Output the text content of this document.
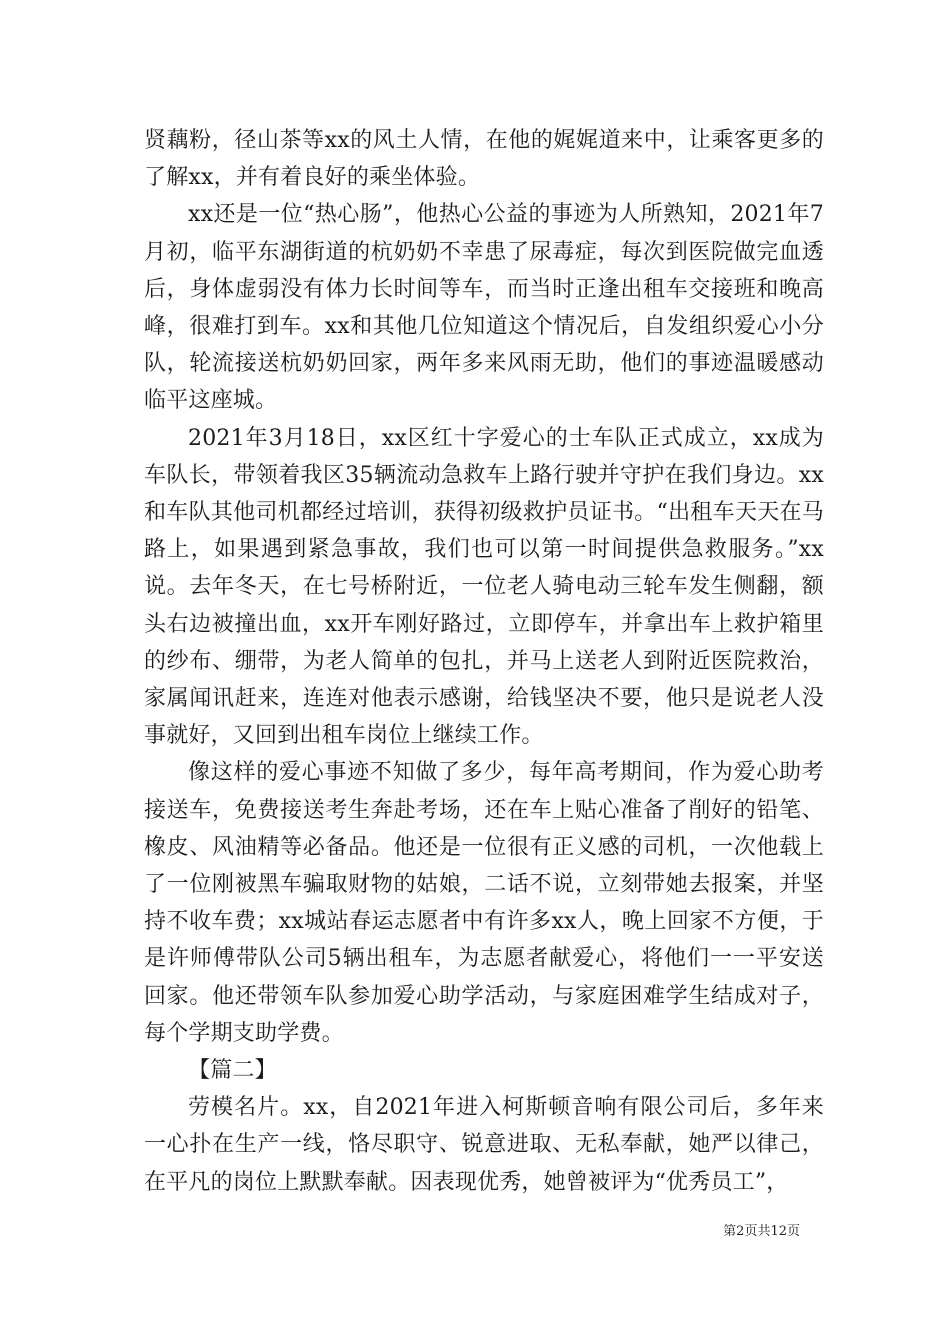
贤藕粉，径山茶等xx的风土人情，在他的娓娓道来中，让乘客更多的了解xx，并有着良好的乘坐体验。

xx还是一位“热心肠”，他热心公益的事迹为人所熟知，2021年7月初，临平东湖街道的杭奶奶不幸患了尿毒症，每次到医院做完血透后，身体虚弱没有体力长时间等车，而当时正逢出租车交接班和晚高峰，很难打到车。xx和其他几位知道这个情况后，自发组织爱心小分队，轮流接送杭奶奶回家，两年多来风雨无助，他们的事迹温暖感动临平这座城。

2021年3月18日，xx区红十字爱心的士车队正式成立，xx成为车队长，带领着我区35辆流动急救车上路行驶并守护在我们身边。xx和车队其他司机都经过培训，获得初级救护员证书。“出租车天天在马路上，如果遇到紧急事故，我们也可以第一时间提供急救服务。”xx说。去年冬天，在七号桥附近，一位老人骑电动三轮车发生侧翻，额头右边被撞出血，xx开车刚好路过，立即停车，并拿出车上救护箱里的纱布、绷带，为老人简单的包扎，并马上送老人到附近医院救治，家属闻讯赶来，连连对他表示感谢，给钱坚决不要，他只是说老人没事就好，又回到出租车岗位上继续工作。

像这样的爱心事迹不知做了多少，每年高考期间，作为爱心助考接送车，免费接送考生奔赴考场，还在车上贴心准备了削好的铅笔、橡皮、风油精等必备品。他还是一位很有正义感的司机，一次他载上了一位刚被黑车骗取财物的姑娘，二话不说，立刻带她去报案，并坚持不收车费；xx城站春运志愿者中有许多xx人，晚上回家不方便，于是许师傅带队公司5辆出租车，为志愿者献爱心，将他们一一平安送回家。他还带领车队参加爱心助学活动，与家庭困难学生结成对子，每个学期支助学费。

【篇二】

劳模名片。xx，自2021年进入柯斯顿音响有限公司后，多年来一心扑在生产一线，恪尽职守、锐意进取、无私奉献，她严以律己，在平凡的岗位上默默奉献。因表现优秀，她曾被评为“优秀员工”，

第2页共12页
